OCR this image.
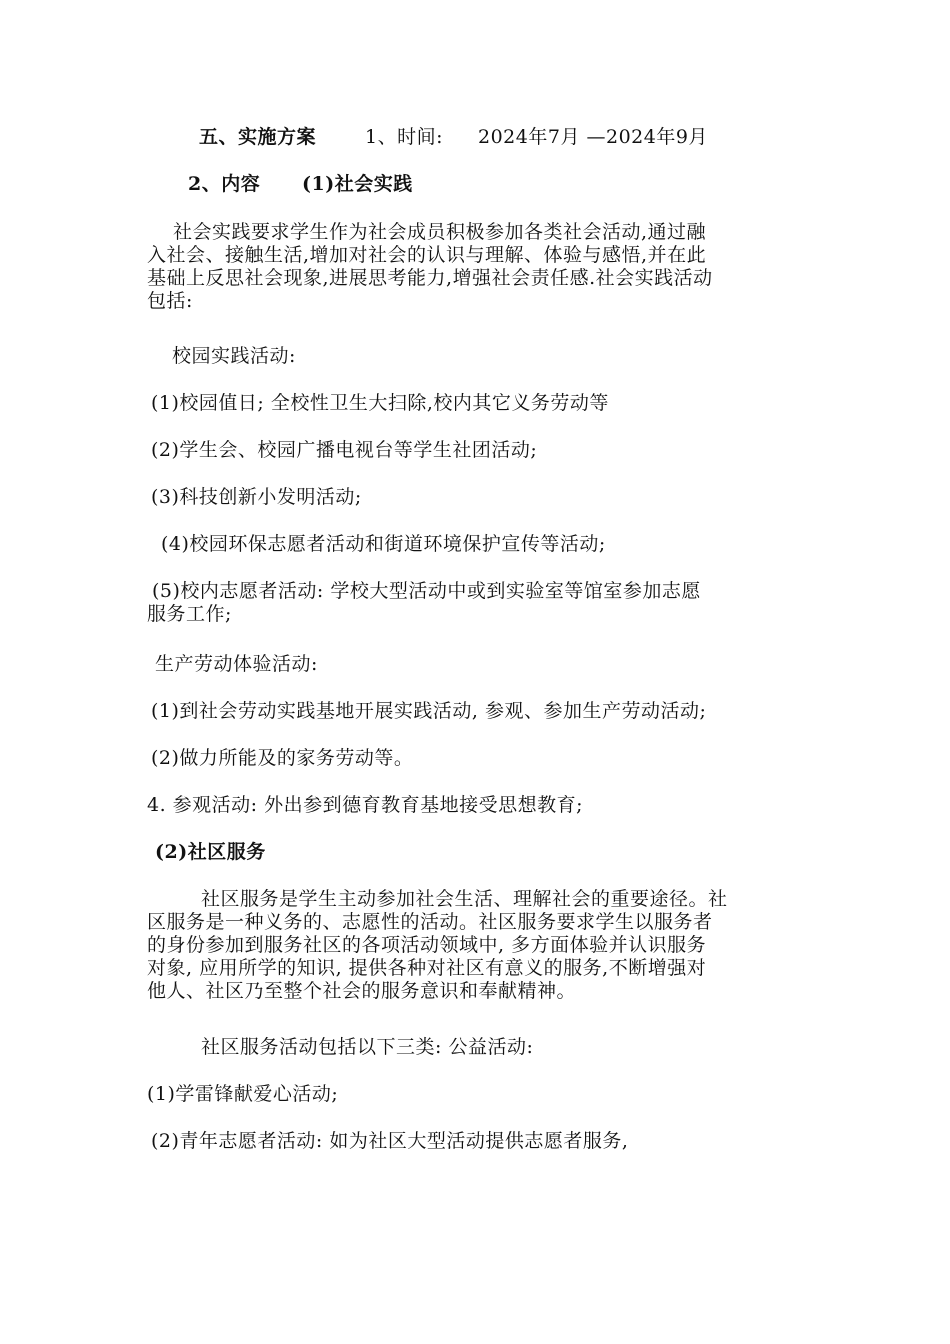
五、实施方案	1、时间: 2024年7月 —2024年9月
2、内容 (1)社会实践
社会实践要求学生作为社会成员积极参加各类社会活动,通过融
入社会、接触生活,增加对社会的认识与理解、体验与感悟,并在此
基础上反思社会现象,进展思考能力,增强社会责任感.社会实践活动
包括:
校园实践活动:
(1)校园值日; 全校性卫生大扫除,校内其它义务劳动等
(2)学生会、校园广播电视台等学生社团活动;
(3)科技创新小发明活动;
(4)校园环保志愿者活动和街道环境保护宣传等活动;
(5)校内志愿者活动: 学校大型活动中或到实验室等馆室参加志愿
服务工作;
生产劳动体验活动:
(1)到社会劳动实践基地开展实践活动, 参观、参加生产劳动活动;
(2)做力所能及的家务劳动等。
4. 参观活动: 外出参到德育教育基地接受思想教育;
(2)社区服务
社区服务是学生主动参加社会生活、理解社会的重要途径。社
区服务是一种义务的、志愿性的活动。社区服务要求学生以服务者
的身份参加到服务社区的各项活动领域中, 多方面体验并认识服务
对象, 应用所学的知识, 提供各种对社区有意义的服务,不断增强对
他人、社区乃至整个社会的服务意识和奉献精神。
社区服务活动包括以下三类: 公益活动:
(1)学雷锋献爱心活动;
(2)青年志愿者活动: 如为社区大型活动提供志愿者服务,
